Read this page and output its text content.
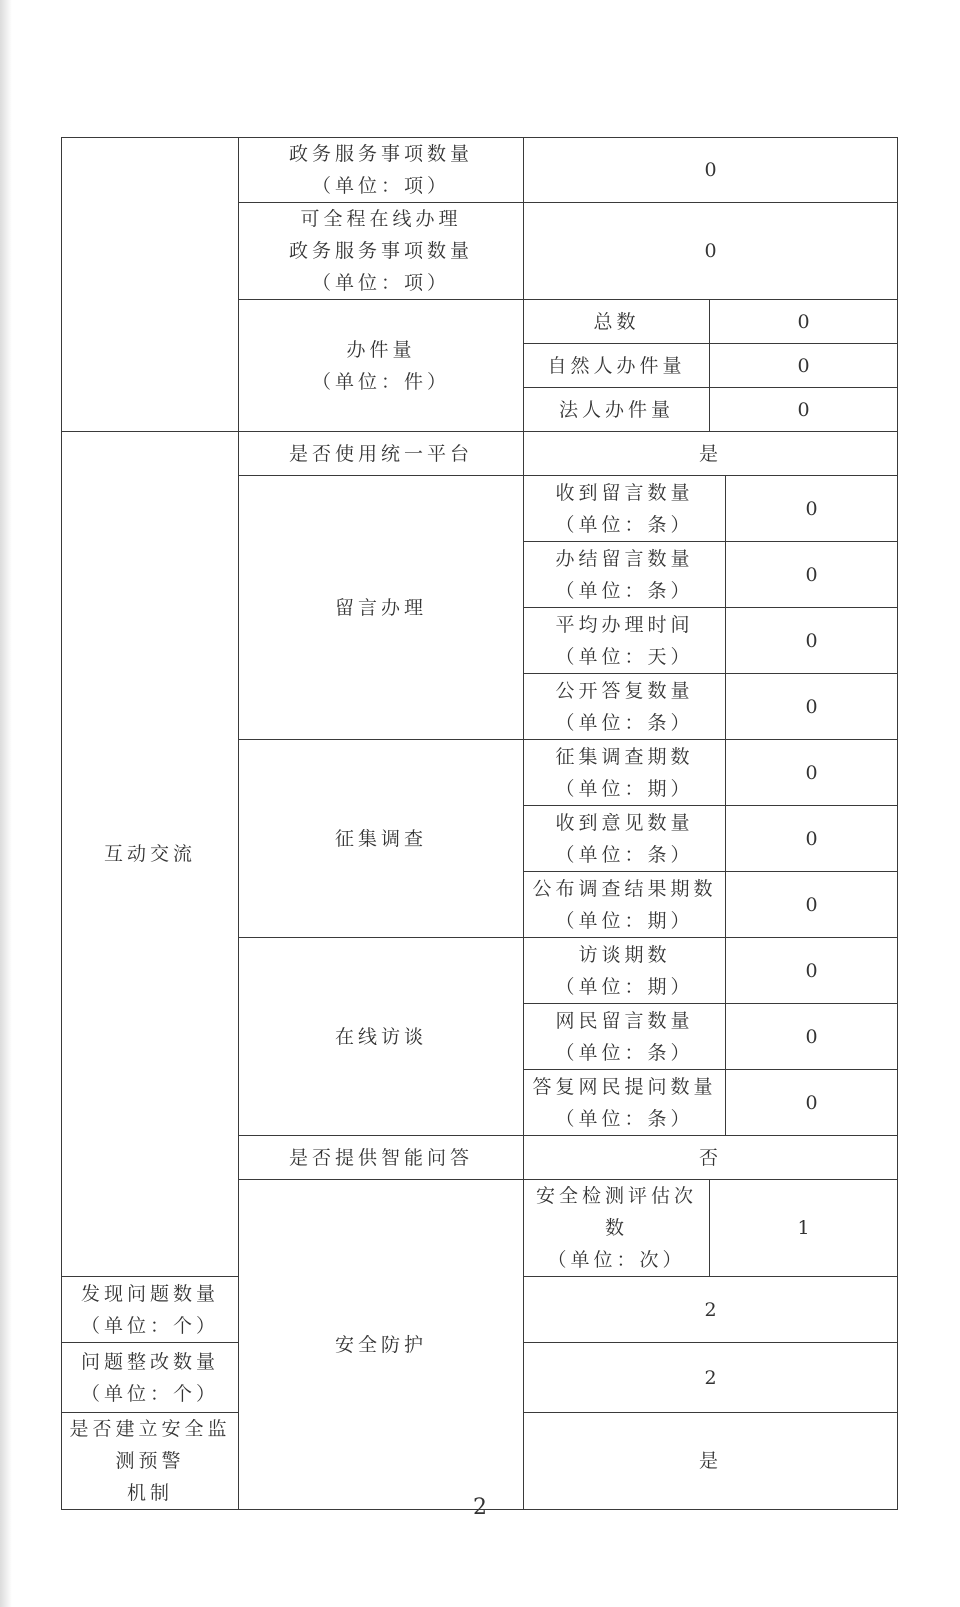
	政务服务事项数量
（单位：项）	0		

	可全程在线办理
政务服务事项数量
（单位：项）	0		

	办件量
（单位：件）	总数	0	
		自然人办件量	0	
		法人办件量	0	
互动交流	是否使用统一平台	是		
	留言办理	收到留言数量
（单位：条）		0

		办结留言数量
（单位：条）		0

		平均办理时间
（单位：天）		0

		公开答复数量
（单位：条）		0
	征集调查	征集调查期数
（单位：期）		0

		收到意见数量
（单位：条）		0

		公布调查结果期数
（单位：期）		0
	在线访谈	访谈期数
（单位：期）		0

		网民留言数量
（单位：条）		0

		答复网民提问数量
（单位：条）		0
	是否提供智能问答	否		
	安全防护	安全检测评估次数
（单位：次）	1	

发现问题数量
（单位：个）		2		

问题整改数量
（单位：个）		2		

是否建立安全监测预警
机制		是		
2
